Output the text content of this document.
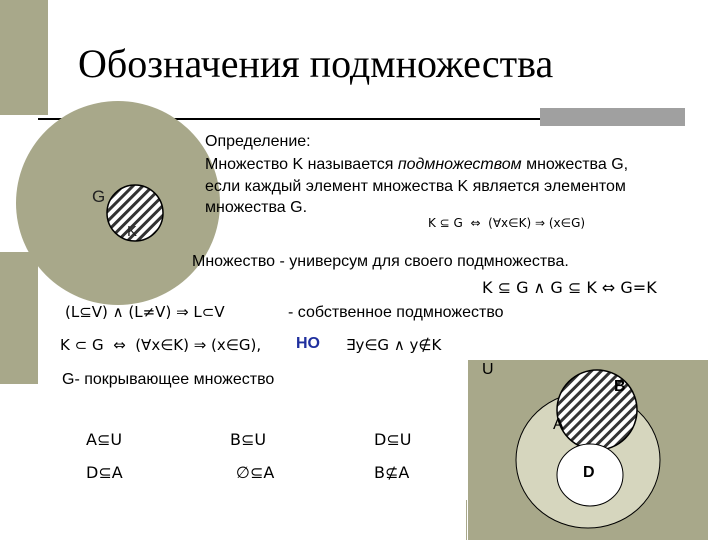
Обозначения подмножества
G
K
Определение:
Множество K называется подмножеством множества G,
если каждый элемент множества K является элементом
множества G.
K ⊆ G  ⇔  (∀x∈K) ⇒ (x∈G)
Множество - универсум для своего подмножества.
K ⊆ G ∧ G ⊆ K ⇔ G=K
(L⊆V) ∧ (L≠V) ⇒ L⊂V	- собственное подмножество
K ⊂ G  ⇔  (∀x∈K) ⇒ (x∈G), НО ∃y∈G ∧ y∉K
G- покрывающее множество
A⊆U	B⊆U	D⊆U
D⊆A	∅⊆A	B⊈A
U
B
A
D
